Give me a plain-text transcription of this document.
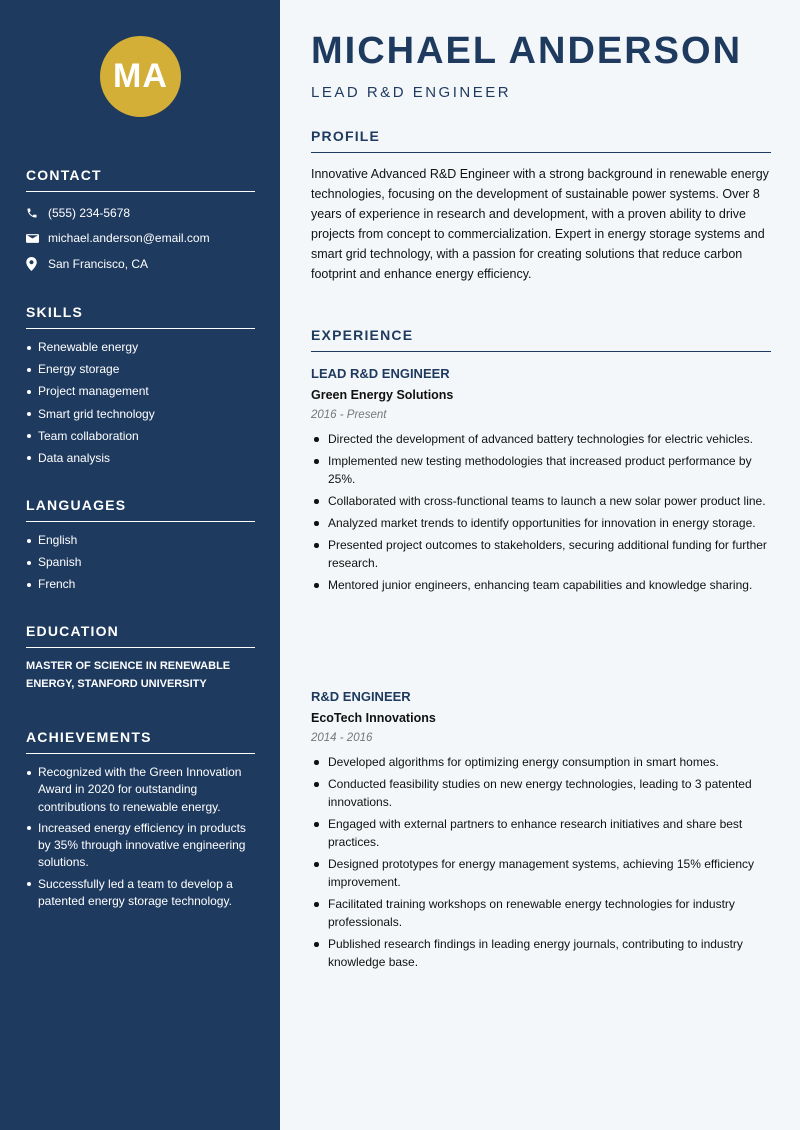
MA
CONTACT
(555) 234-5678
michael.anderson@email.com
San Francisco, CA
SKILLS
Renewable energy
Energy storage
Project management
Smart grid technology
Team collaboration
Data analysis
LANGUAGES
English
Spanish
French
EDUCATION

MASTER OF SCIENCE IN RENEWABLE ENERGY, STANFORD UNIVERSITY

ACHIEVEMENTS
Recognized with the Green Innovation Award in 2020 for outstanding contributions to renewable energy.
Increased energy efficiency in products by 35% through innovative engineering solutions.
Successfully led a team to develop a patented energy storage technology.
MICHAEL ANDERSON
LEAD R&D ENGINEER
PROFILE

Innovative Advanced R&D Engineer with a strong background in renewable energy technologies, focusing on the development of sustainable power systems. Over 8 years of experience in research and development, with a proven ability to drive projects from concept to commercialization. Expert in energy storage systems and smart grid technology, with a passion for creating solutions that reduce carbon footprint and enhance energy efficiency.

EXPERIENCE
LEAD R&D ENGINEER
Green Energy Solutions
2016 - Present
Directed the development of advanced battery technologies for electric vehicles.
Implemented new testing methodologies that increased product performance by 25%.
Collaborated with cross-functional teams to launch a new solar power product line.
Analyzed market trends to identify opportunities for innovation in energy storage.
Presented project outcomes to stakeholders, securing additional funding for further research.
Mentored junior engineers, enhancing team capabilities and knowledge sharing.
R&D ENGINEER
EcoTech Innovations
2014 - 2016
Developed algorithms for optimizing energy consumption in smart homes.
Conducted feasibility studies on new energy technologies, leading to 3 patented innovations.
Engaged with external partners to enhance research initiatives and share best practices.
Designed prototypes for energy management systems, achieving 15% efficiency improvement.
Facilitated training workshops on renewable energy technologies for industry professionals.
Published research findings in leading energy journals, contributing to industry knowledge base.
